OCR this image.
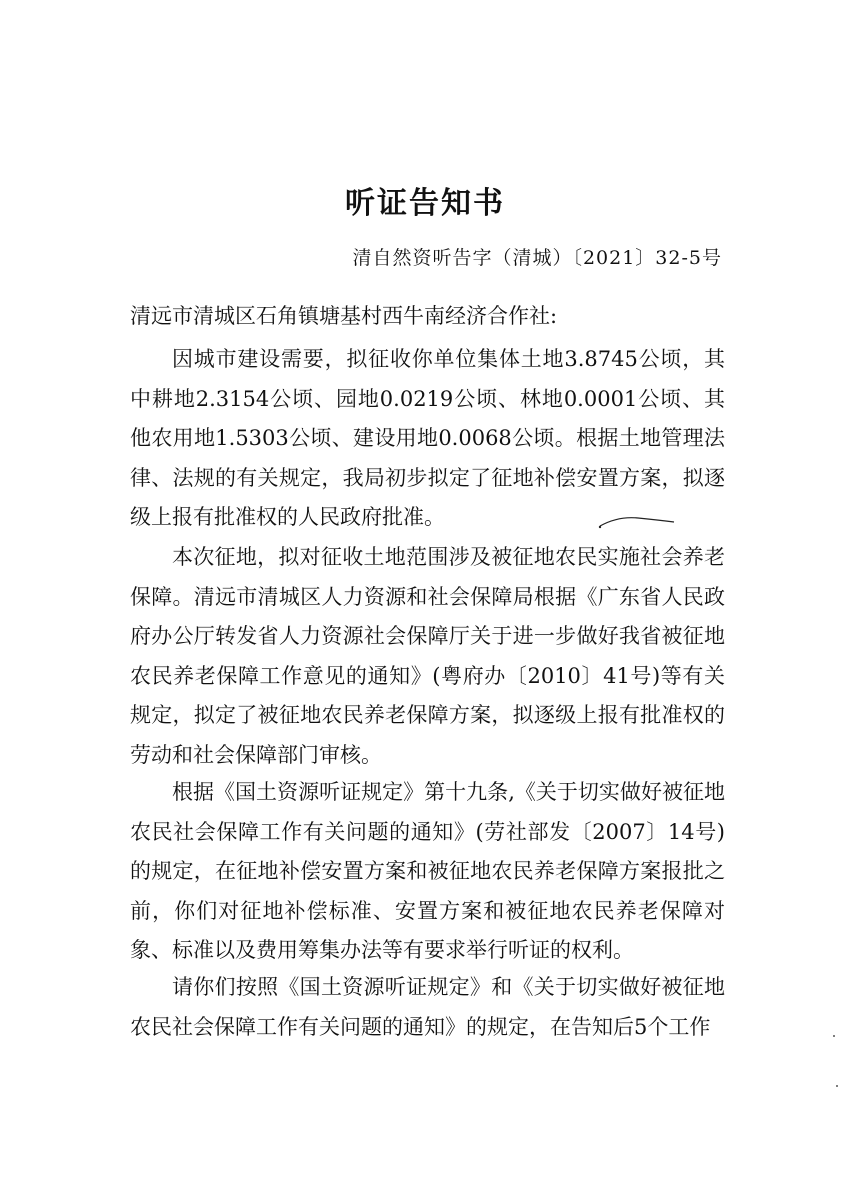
听证告知书
清自然资听告字（清城）〔2021〕32-5号
清远市清城区石角镇塘基村西牛南经济合作社:
因城市建设需要，拟征收你单位集体土地3.8745公顷，其中耕地2.3154公顷、园地0.0219公顷、林地0.0001公顷、其他农用地1.5303公顷、建设用地0.0068公顷。根据土地管理法律、法规的有关规定，我局初步拟定了征地补偿安置方案，拟逐级上报有批准权的人民政府批准。
本次征地，拟对征收土地范围涉及被征地农民实施社会养老保障。清远市清城区人力资源和社会保障局根据《广东省人民政府办公厅转发省人力资源社会保障厅关于进一步做好我省被征地农民养老保障工作意见的通知》(粤府办〔2010〕41号)等有关规定，拟定了被征地农民养老保障方案，拟逐级上报有批准权的劳动和社会保障部门审核。
根据《国土资源听证规定》第十九条,《关于切实做好被征地农民社会保障工作有关问题的通知》(劳社部发〔2007〕14号)的规定，在征地补偿安置方案和被征地农民养老保障方案报批之前，你们对征地补偿标准、安置方案和被征地农民养老保障对象、标准以及费用筹集办法等有要求举行听证的权利。
请你们按照《国土资源听证规定》和《关于切实做好被征地农民社会保障工作有关问题的通知》的规定，在告知后5个工作
